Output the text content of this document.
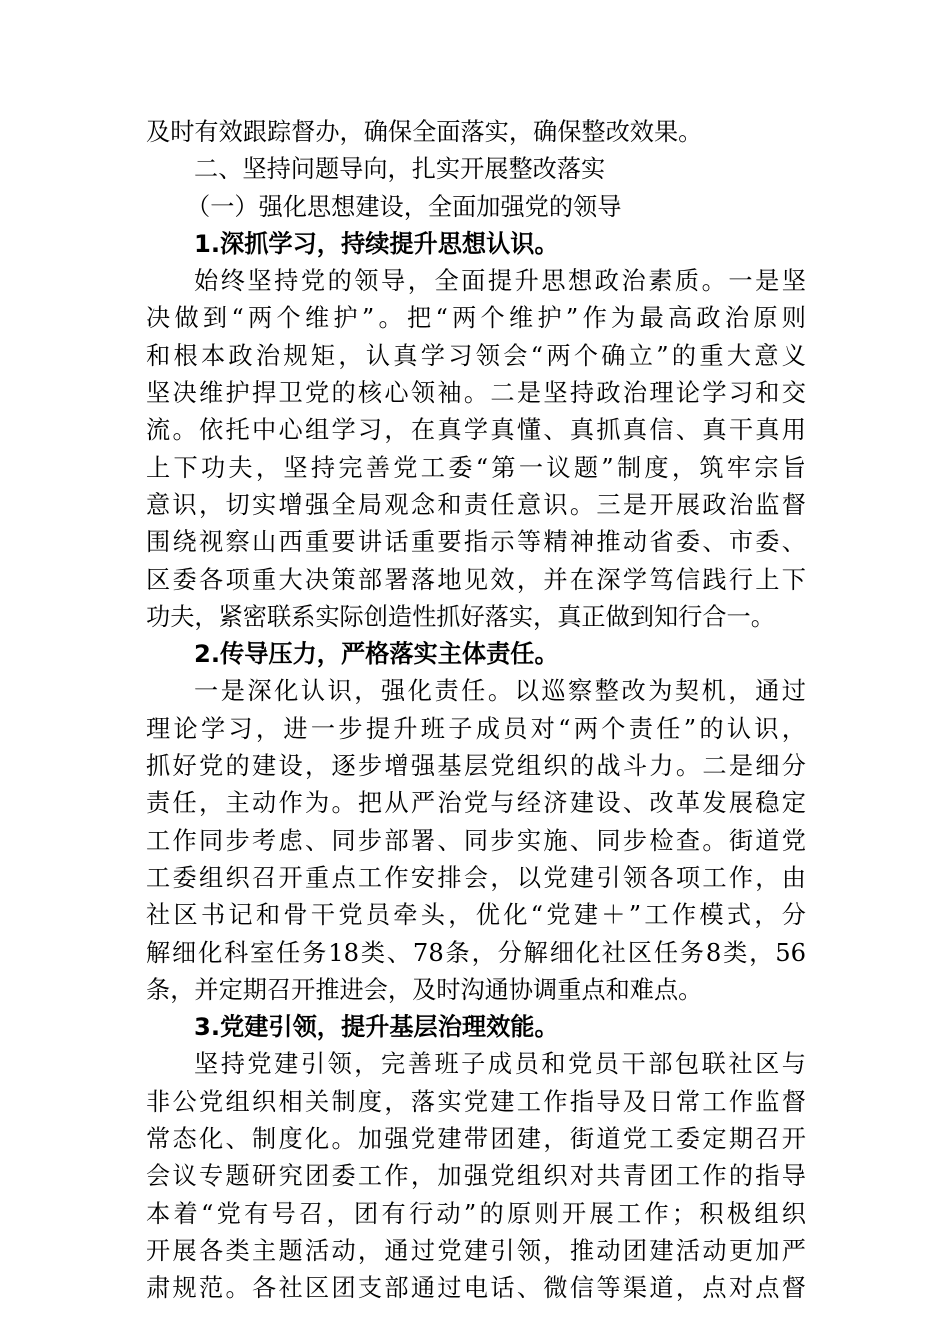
及时有效跟踪督办，确保全面落实，确保整改效果。
二、坚持问题导向，扎实开展整改落实
（一）强化思想建设，全面加强党的领导
1.深抓学习，持续提升思想认识。
始终坚持党的领导，全面提升思想政治素质。一是坚
决做到“两个维护”。把“两个维护”作为最高政治原则
和根本政治规矩，认真学习领会“两个确立”的重大意义
坚决维护捍卫党的核心领袖。二是坚持政治理论学习和交
流。依托中心组学习，在真学真懂、真抓真信、真干真用
上下功夫，坚持完善党工委“第一议题”制度，筑牢宗旨
意识，切实增强全局观念和责任意识。三是开展政治监督
围绕视察山西重要讲话重要指示等精神推动省委、市委、
区委各项重大决策部署落地见效，并在深学笃信践行上下
功夫，紧密联系实际创造性抓好落实，真正做到知行合一。
2.传导压力，严格落实主体责任。
一是深化认识，强化责任。以巡察整改为契机，通过
理论学习，进一步提升班子成员对“两个责任”的认识，
抓好党的建设，逐步增强基层党组织的战斗力。二是细分
责任，主动作为。把从严治党与经济建设、改革发展稳定
工作同步考虑、同步部署、同步实施、同步检查。街道党
工委组织召开重点工作安排会，以党建引领各项工作，由
社区书记和骨干党员牵头，优化“党建＋”工作模式，分
解细化科室任务18类、78条，分解细化社区任务8类，56
条，并定期召开推进会，及时沟通协调重点和难点。
3.党建引领，提升基层治理效能。
坚持党建引领，完善班子成员和党员干部包联社区与
非公党组织相关制度，落实党建工作指导及日常工作监督
常态化、制度化。加强党建带团建，街道党工委定期召开
会议专题研究团委工作，加强党组织对共青团工作的指导
本着“党有号召，团有行动”的原则开展工作；积极组织
开展各类主题活动，通过党建引领，推动团建活动更加严
肃规范。各社区团支部通过电话、微信等渠道，点对点督
